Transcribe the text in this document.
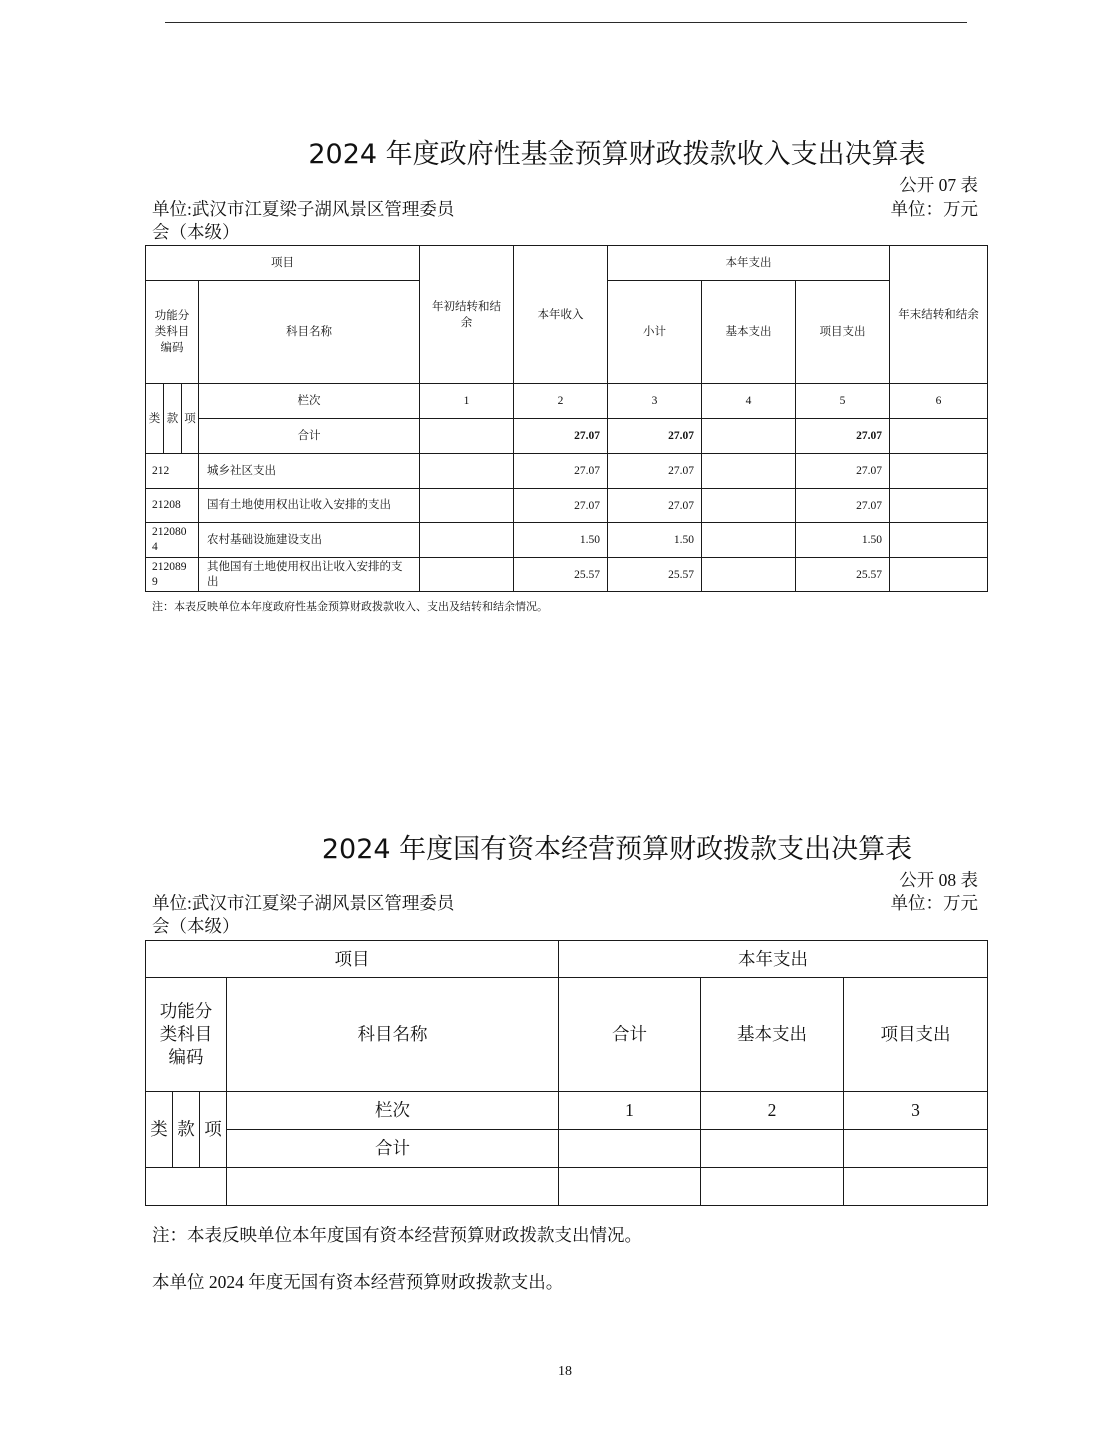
2024 年度政府性基金预算财政拨款收入支出决算表
公开 07 表
单位:武汉市江夏梁子湖风景区管理委员会（本级）
单位：万元
项目				年初结转和结余	本年收入	本年支出			年末结转和结余
功能分类科目编码			科目名称			小计	基本支出	项目支出	
类	款	项	栏次	1	2	3	4	5	6
			合计		27.07	27.07		27.07	

212			城乡社区支出		27.07	27.07		27.07	

21208			国有土地使用权出让收入安排的支出		27.07	27.07		27.07	

2120804			农村基础设施建设支出		1.50	1.50		1.50	

2120899			其他国有土地使用权出让收入安排的支出		25.57	25.57		25.57	
注：本表反映单位本年度政府性基金预算财政拨款收入、支出及结转和结余情况。
2024 年度国有资本经营预算财政拨款支出决算表
公开 08 表
单位:武汉市江夏梁子湖风景区管理委员会（本级）
单位：万元
项目				本年支出		
功能分类科目编码			科目名称	合计	基本支出	项目支出
类	款	项	栏次	1	2	3
			合计			

注：本表反映单位本年度国有资本经营预算财政拨款支出情况。
本单位 2024 年度无国有资本经营预算财政拨款支出。
18
